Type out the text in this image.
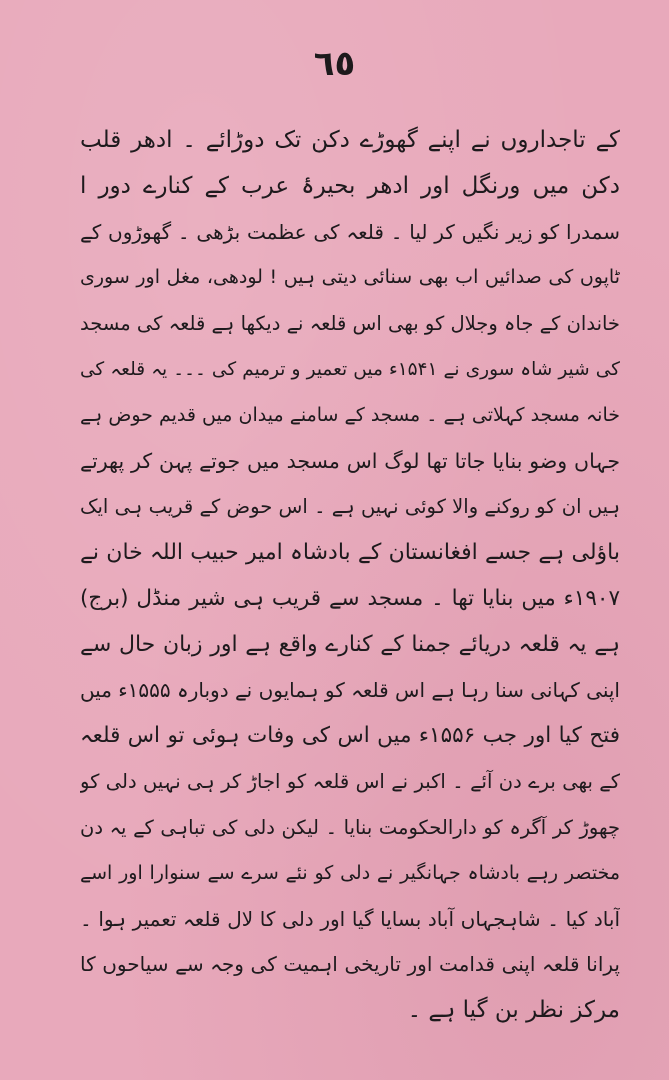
٦٥
کے تاجداروں نے اپنے گھوڑے دکن تک دوڑائے ۔ ادھر قلب
دکن میں ورنگل اور ادھر بحیرۂ عرب کے کنارے دور ا
سمدرا کو زیر نگیں کر لیا ۔ قلعہ کی عظمت بڑھی ۔ گھوڑوں کے
ٹاپوں کی صدائیں اب بھی سنائی دیتی ہیں ! لودھی، مغل اور سوری
خاندان کے جاہ وجلال کو بھی اس قلعہ نے دیکھا ہے قلعہ کی مسجد
کی شیر شاہ سوری نے ۱۵۴۱ء میں تعمیر و ترمیم کی ۔۔۔ یہ قلعہ کی
خانہ مسجد کہلاتی ہے ۔ مسجد کے سامنے میدان میں قدیم حوض ہے
جہاں وضو بنایا جاتا تھا لوگ اس مسجد میں جوتے پہن کر پھرتے
ہیں ان کو روکنے والا کوئی نہیں ہے ۔ اس حوض کے قریب ہی ایک
باؤلی ہے جسے افغانستان کے بادشاہ امیر حبیب اللہ خان نے
۱۹۰۷ء میں بنایا تھا ۔ مسجد سے قریب ہی شیر منڈل (برج)
ہے یہ قلعہ دریائے جمنا کے کنارے واقع ہے اور زبان حال سے
اپنی کہانی سنا رہا ہے اس قلعہ کو ہمایوں نے دوبارہ ۱۵۵۵ء میں
فتح کیا اور جب ۱۵۵۶ء میں اس کی وفات ہوئی تو اس قلعہ
کے بھی برے دن آئے ۔ اکبر نے اس قلعہ کو اجاڑ کر ہی نہیں دلی کو
چھوڑ کر آگرہ کو دارالحکومت بنایا ۔ لیکن دلی کی تباہی کے یہ دن
مختصر رہے بادشاہ جہانگیر نے دلی کو نئے سرے سے سنوارا اور اسے
آباد کیا ۔ شاہجہاں آباد بسایا گیا اور دلی کا لال قلعہ تعمیر ہوا ۔
پرانا قلعہ اپنی قدامت اور تاریخی اہمیت کی وجہ سے سیاحوں کا
مرکز نظر بن گیا ہے ۔
